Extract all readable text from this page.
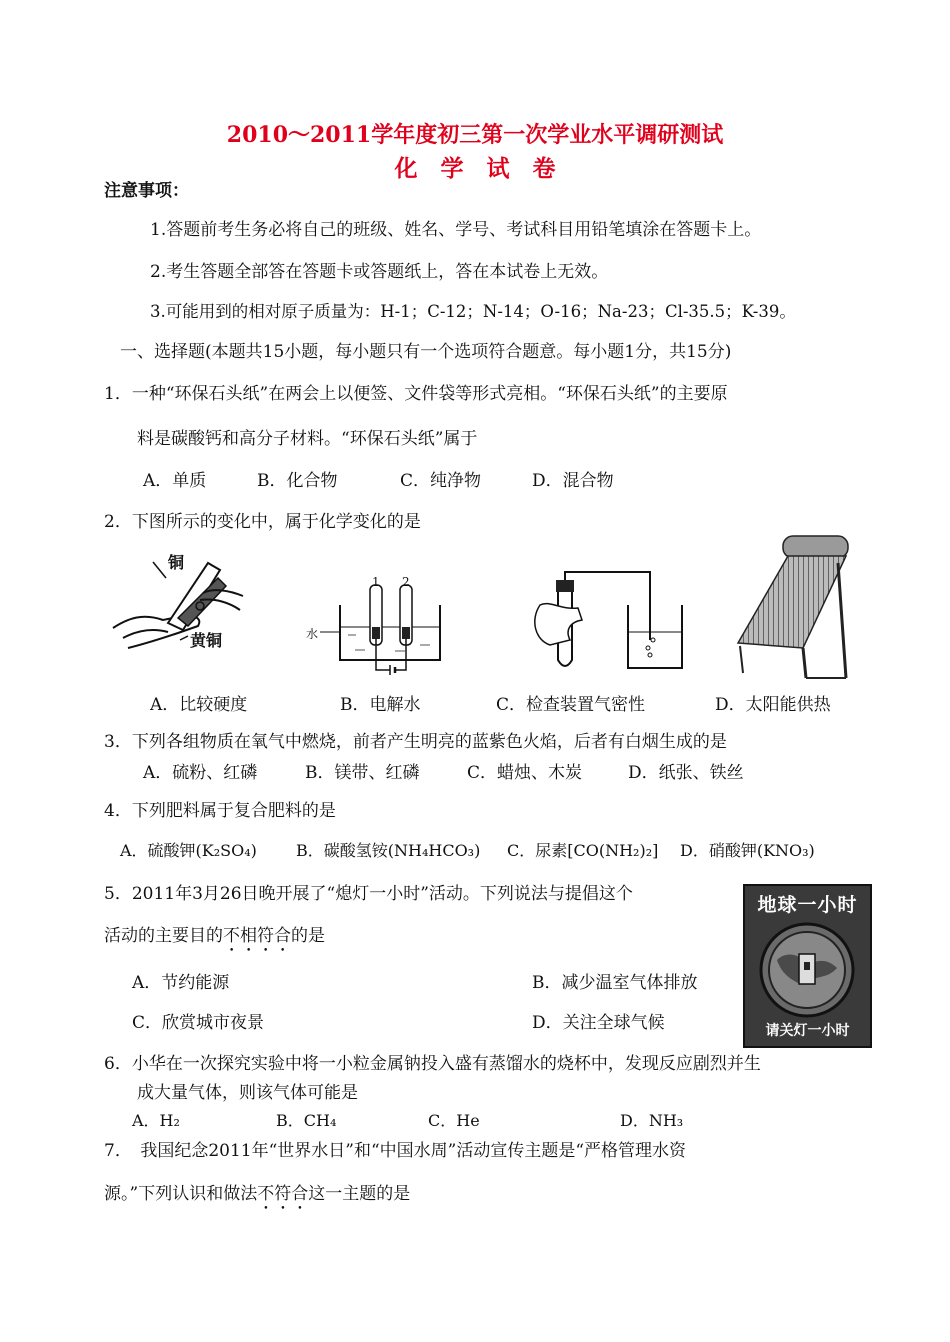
2010～2011学年度初三第一次学业水平调研测试
化　学　试　卷
注意事项：
1.答题前考生务必将自己的班级、姓名、学号、考试科目用铅笔填涂在答题卡上。
2.考生答题全部答在答题卡或答题纸上，答在本试卷上无效。
3.可能用到的相对原子质量为：H-1；C-12；N-14；O-16；Na-23；Cl-35.5；K-39。
一、选择题(本题共15小题，每小题只有一个选项符合题意。每小题1分，共15分)
1．一种“环保石头纸”在两会上以便签、文件袋等形式亮相。“环保石头纸”的主要原
料是碳酸钙和高分子材料。“环保石头纸”属于
A．单质	B．化合物	C．纯净物	D．混合物
2．下图所示的变化中，属于化学变化的是
铜
黄铜
1 2
水
A．比较硬度	B．电解水	C．检查装置气密性	D．太阳能供热
3．下列各组物质在氧气中燃烧，前者产生明亮的蓝紫色火焰，后者有白烟生成的是
A．硫粉、红磷	B．镁带、红磷	C．蜡烛、木炭	D．纸张、铁丝
4．下列肥料属于复合肥料的是
A．硫酸钾(K₂SO₄) B．碳酸氢铵(NH₄HCO₃) C．尿素[CO(NH₂)₂] D．硝酸钾(KNO₃)
5．2011年3月26日晚开展了“熄灯一小时”活动。下列说法与提倡这个
活动的主要目的不相符合的是
A．节约能源	B．减少温室气体排放
C．欣赏城市夜景	D．关注全球气候
地球一小时
请关灯一小时
6．小华在一次探究实验中将一小粒金属钠投入盛有蒸馏水的烧杯中，发现反应剧烈并生
成大量气体，则该气体可能是
A．H₂	B．CH₄	C．He	D．NH₃
7．　我国纪念2011年“世界水日”和“中国水周”活动宣传主题是“严格管理水资
源。”下列认识和做法不符合这一主题的是
